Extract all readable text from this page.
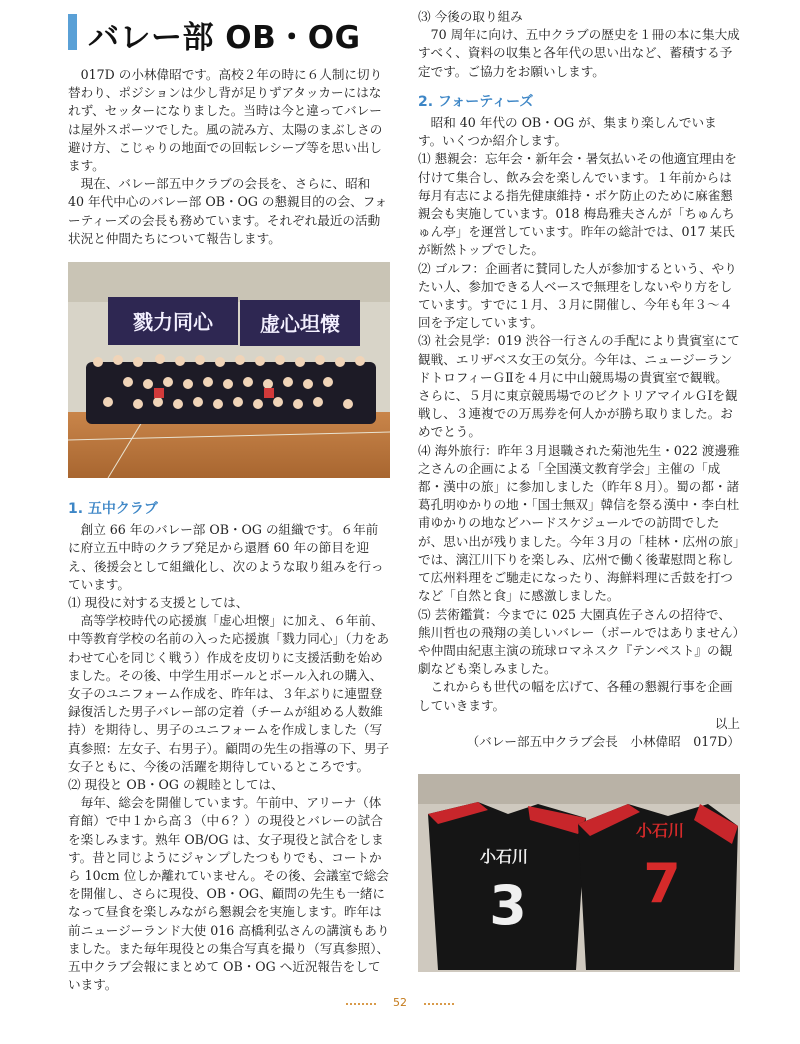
バレー部 OB・OG

017D の小林偉昭です。高校２年の時に６人制に切り替わり、ポジションは少し背が足りずアタッカーにはなれず、セッターになりました。当時は今と違ってバレーは屋外スポーツでした。風の読み方、太陽のまぶしさの避け方、こじゃりの地面での回転レシーブ等を思い出します。

現在、バレー部五中クラブの会長を、さらに、昭和 40 年代中心のバレー部 OB・OG の懇親目的の会、フォーティーズの会長も務めています。それぞれ最近の活動状況と仲間たちについて報告します。

戮力同心 虚心坦懐
1. 五中クラブ

創立 66 年のバレー部 OB・OG の組織です。６年前に府立五中時のクラブ発足から還暦 60 年の節目を迎え、後援会として組織化し、次のような取り組みを行っています。

⑴ 現役に対する支援としては、

高等学校時代の応援旗「虚心坦懐」に加え、６年前、中等教育学校の名前の入った応援旗「戮力同心」（力をあわせて心を同じく戦う）作成を皮切りに支援活動を始めました。その後、中学生用ボールとボール入れの購入、女子のユニフォーム作成を、昨年は、３年ぶりに連盟登録復活した男子バレー部の定着（チームが組める人数維持）を期待し、男子のユニフォームを作成しました（写真参照：左女子、右男子）。顧問の先生の指導の下、男子女子ともに、今後の活躍を期待しているところです。

⑵ 現役と OB・OG の親睦としては、

毎年、総会を開催しています。午前中、アリーナ（体育館）で中１から高３（中６？）の現役とバレーの試合を楽しみます。熟年 OB/OG は、女子現役と試合をします。昔と同じようにジャンプしたつもりでも、コートから 10cm 位しか離れていません。その後、会議室で総会を開催し、さらに現役、OB・OG、顧問の先生も一緒になって昼食を楽しみながら懇親会を実施します。昨年は前ニュージーランド大使 016 高橋利弘さんの講演もありました。また毎年現役との集合写真を撮り（写真参照）、五中クラブ会報にまとめて OB・OG へ近況報告をしています。

⑶ 今後の取り組み

70 周年に向け、五中クラブの歴史を１冊の本に集大成すべく、資料の収集と各年代の思い出など、蓄積する予定です。ご協力をお願いします。

2. フォーティーズ

昭和 40 年代の OB・OG が、集まり楽しんでいます。いくつか紹介します。

⑴ 懇親会：忘年会・新年会・暑気払いその他適宜理由を付けて集合し、飲み会を楽しんでいます。１年前からは毎月有志による指先健康維持・ボケ防止のために麻雀懇親会も実施しています。018 梅島雅夫さんが「ちゅんちゅん亭」を運営しています。昨年の総計では、017 某氏が断然トップでした。

⑵ ゴルフ：企画者に賛同した人が参加するという、やりたい人、参加できる人ベースで無理をしないやり方をしています。すでに１月、３月に開催し、今年も年３～４回を予定しています。

⑶ 社会見学：019 渋谷一行さんの手配により貴賓室にて観戦、エリザベス女王の気分。今年は、ニュージーランドトロフィーＧⅡを４月に中山競馬場の貴賓室で観戦。さらに、５月に東京競馬場でのビクトリアマイルＧⅠを観戦し、３連複での万馬券を何人かが勝ち取りました。おめでとう。

⑷ 海外旅行：昨年３月退職された菊池先生・022 渡邊雅之さんの企画による「全国漢文教育学会」主催の「成都・漢中の旅」に参加しました（昨年８月）。蜀の都・諸葛孔明ゆかりの地・「国士無双」韓信を祭る漢中・李白杜甫ゆかりの地などハードスケジュールでの訪問でしたが、思い出が残りました。今年３月の「桂林・広州の旅」では、漓江川下りを楽しみ、広州で働く後輩慰問と称して広州料理をご馳走になったり、海鮮料理に舌鼓を打つなど「自然と食」に感激しました。

⑸ 芸術鑑賞：今までに 025 大園真佐子さんの招待で、熊川哲也の飛翔の美しいバレー（ボールではありません）や仲間由紀恵主演の琉球ロマネスク『テンペスト』の観劇なども楽しみました。

これからも世代の幅を広げて、各種の懇親行事を企画していきます。

以上

（バレー部五中クラブ会長　小林偉昭　017D）

小石川
3
小石川
7
52
